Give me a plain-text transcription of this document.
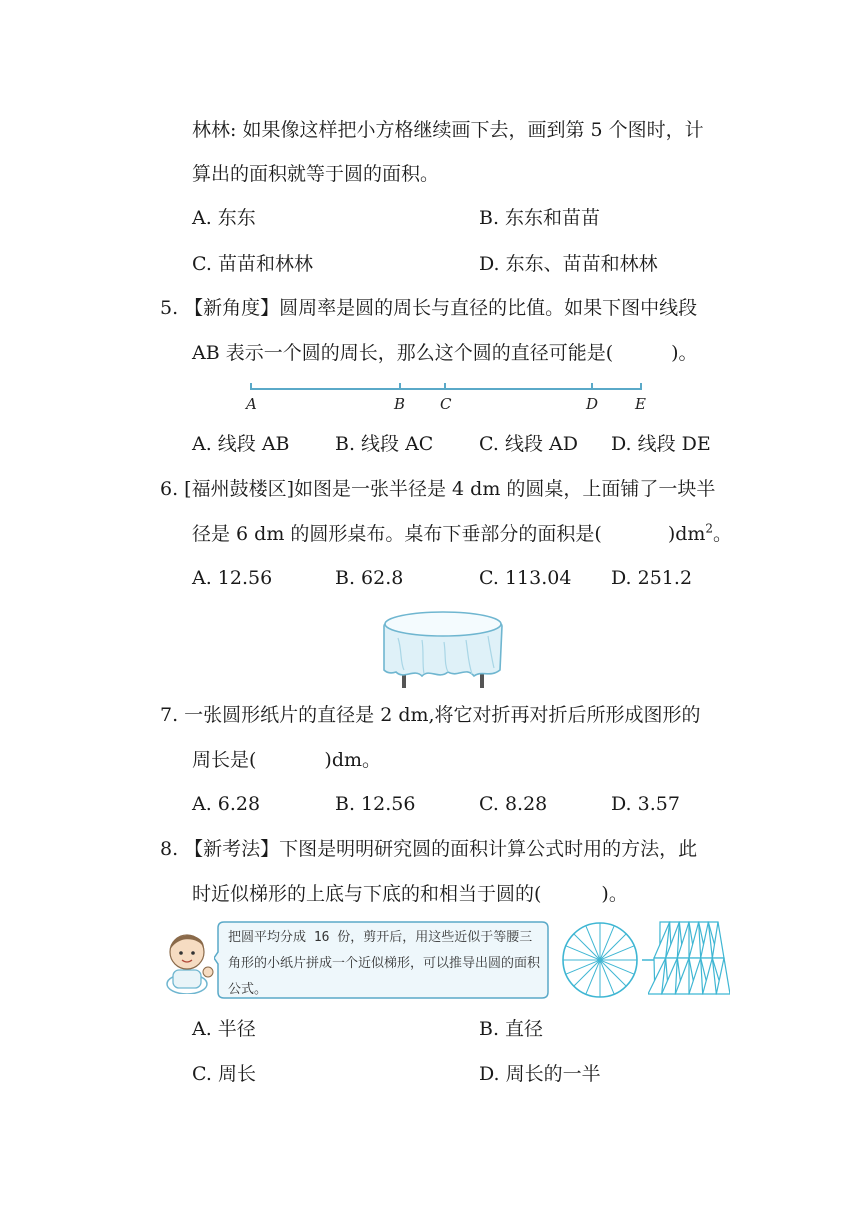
林林: 如果像这样把小方格继续画下去，画到第 5 个图时，计
算出的面积就等于圆的面积。
A. 东东	B. 东东和苗苗
C. 苗苗和林林	D. 东东、苗苗和林林
5. 【新角度】圆周率是圆的周长与直径的比值。如果下图中线段
AB 表示一个圆的周长，那么这个圆的直径可能是(	)。
A	B C	D E
A. 线段 AB B. 线段 AC C. 线段 AD D. 线段 DE
6. [福州鼓楼区]如图是一张半径是 4 dm 的圆桌，上面铺了一块半
径是 6 dm 的圆形桌布。桌布下垂部分的面积是(	)$dm^2$。
A. 12.56	B. 62.8	C. 113.04 D. 251.2
7. 一张圆形纸片的直径是 2 dm,将它对折再对折后所形成图形的
周长是(	)dm。
A. 6.28	B. 12.56	C. 8.28	D. 3.57
8. 【新考法】下图是明明研究圆的面积计算公式时用的方法，此
时近似梯形的上底与下底的和相当于圆的(	)。
把圆平均分成 16 份，剪开后，用这些近似于等腰三角形的小纸片拼成一个近似梯形，可以推导出圆的面积公式。
A. 半径	B. 直径
C. 周长	D. 周长的一半
